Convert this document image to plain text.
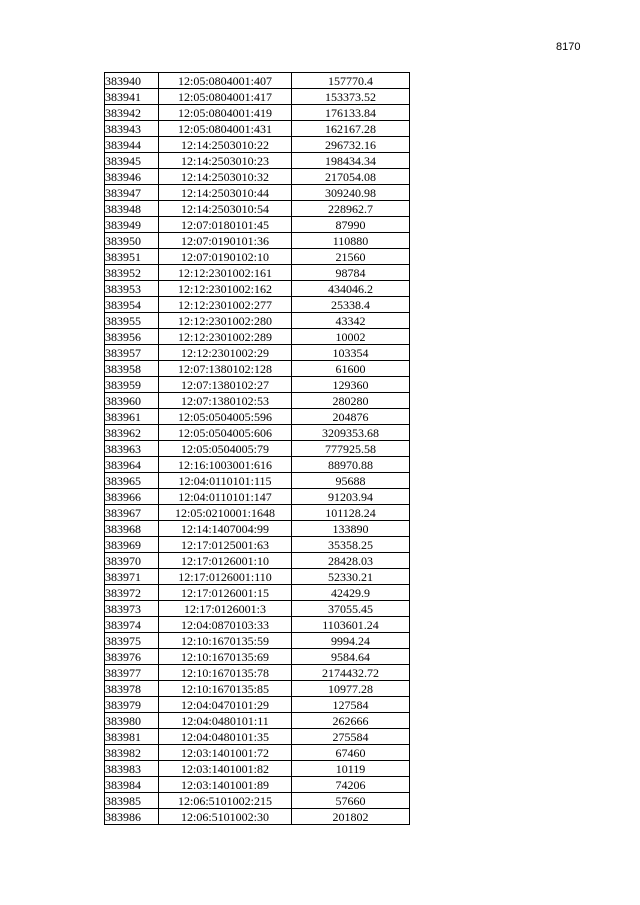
8170
383940	12:05:0804001:407	157770.4
383941	12:05:0804001:417	153373.52
383942	12:05:0804001:419	176133.84
383943	12:05:0804001:431	162167.28
383944	12:14:2503010:22	296732.16
383945	12:14:2503010:23	198434.34
383946	12:14:2503010:32	217054.08
383947	12:14:2503010:44	309240.98
383948	12:14:2503010:54	228962.7
383949	12:07:0180101:45	87990
383950	12:07:0190101:36	110880
383951	12:07:0190102:10	21560
383952	12:12:2301002:161	98784
383953	12:12:2301002:162	434046.2
383954	12:12:2301002:277	25338.4
383955	12:12:2301002:280	43342
383956	12:12:2301002:289	10002
383957	12:12:2301002:29	103354
383958	12:07:1380102:128	61600
383959	12:07:1380102:27	129360
383960	12:07:1380102:53	280280
383961	12:05:0504005:596	204876
383962	12:05:0504005:606	3209353.68
383963	12:05:0504005:79	777925.58
383964	12:16:1003001:616	88970.88
383965	12:04:0110101:115	95688
383966	12:04:0110101:147	91203.94
383967	12:05:0210001:1648	101128.24
383968	12:14:1407004:99	133890
383969	12:17:0125001:63	35358.25
383970	12:17:0126001:10	28428.03
383971	12:17:0126001:110	52330.21
383972	12:17:0126001:15	42429.9
383973	12:17:0126001:3	37055.45
383974	12:04:0870103:33	1103601.24
383975	12:10:1670135:59	9994.24
383976	12:10:1670135:69	9584.64
383977	12:10:1670135:78	2174432.72
383978	12:10:1670135:85	10977.28
383979	12:04:0470101:29	127584
383980	12:04:0480101:11	262666
383981	12:04:0480101:35	275584
383982	12:03:1401001:72	67460
383983	12:03:1401001:82	10119
383984	12:03:1401001:89	74206
383985	12:06:5101002:215	57660
383986	12:06:5101002:30	201802
